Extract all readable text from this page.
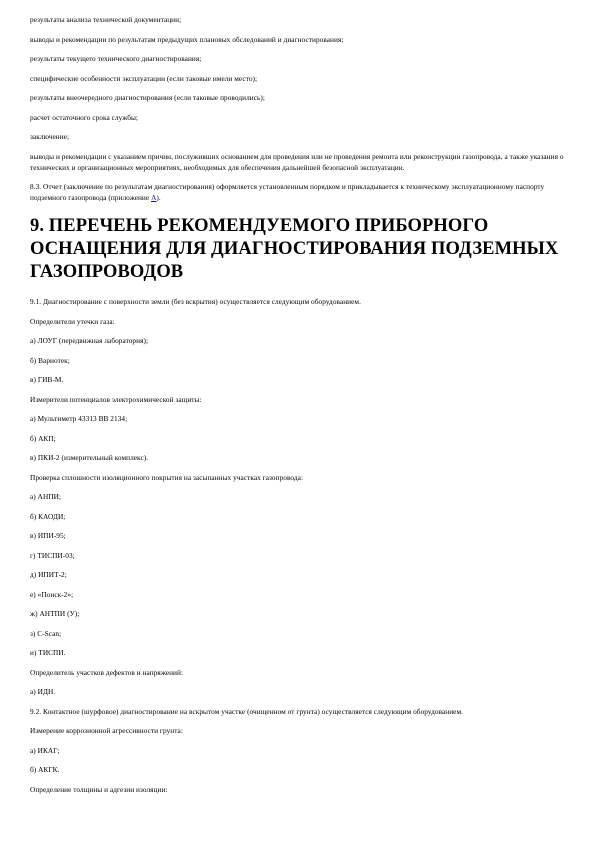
результаты анализа технической документации;

выводы и рекомендации по результатам предыдущих плановых обследований и диагностирования;

результаты текущего технического диагностирования;

специфические особенности эксплуатации (если таковые имели место);

результаты внеочередного диагностирования (если таковые проводились);

расчет остаточного срока службы;

заключение;

выводы и рекомендации с указанием причин, послуживших основанием для проведения или не проведения ремонта или реконструкции газопровода, а также указания о технических и организационных мероприятиях, необходимых для обеспечения дальнейшей безопасной эксплуатации.

8.3. Отчет (заключение по результатам диагностирования) оформляется установленным порядком и прикладывается к техническому эксплуатационному паспорту подземного газопровода (приложение А).

9. ПЕРЕЧЕНЬ РЕКОМЕНДУЕМОГО ПРИБОРНОГО ОСНАЩЕНИЯ ДЛЯ ДИАГНОСТИРОВАНИЯ ПОДЗЕМНЫХ ГАЗОПРОВОДОВ

9.1. Диагностирование с поверхности земли (без вскрытия) осуществляется следующим оборудованием.

Определители утечки газа:

а) ЛОУГ (передвижная лаборатория);

б) Вариотек;

в) ГИВ-М.

Измерители потенциалов электрохимической защиты:

а) Мультиметр 43313 ВВ 2134;

б) АКП;

в) ПКИ-2 (измерительный комплекс).

Проверка сплошности изоляционного покрытия на засыпанных участках газопровода:

а) АНПИ;

б) КАОДИ;

в) ИПИ-95;

г) ТИСПИ-03;

д) ИПИТ-2;

е) «Поиск-2»;

ж) АНТПИ (У);

з) С-Scan;

и) ТИСПИ.

Определитель участков дефектов и напряжений:

а) ИДН.

9.2. Контактное (шурфовое) диагностирование на вскрытом участке (очищенном от грунта) осуществляется следующим оборудованием.

Измерение коррозионной агрессивности грунта:

а) ИКАГ;

б) АКГК.

Определение толщины и адгезии изоляции:
